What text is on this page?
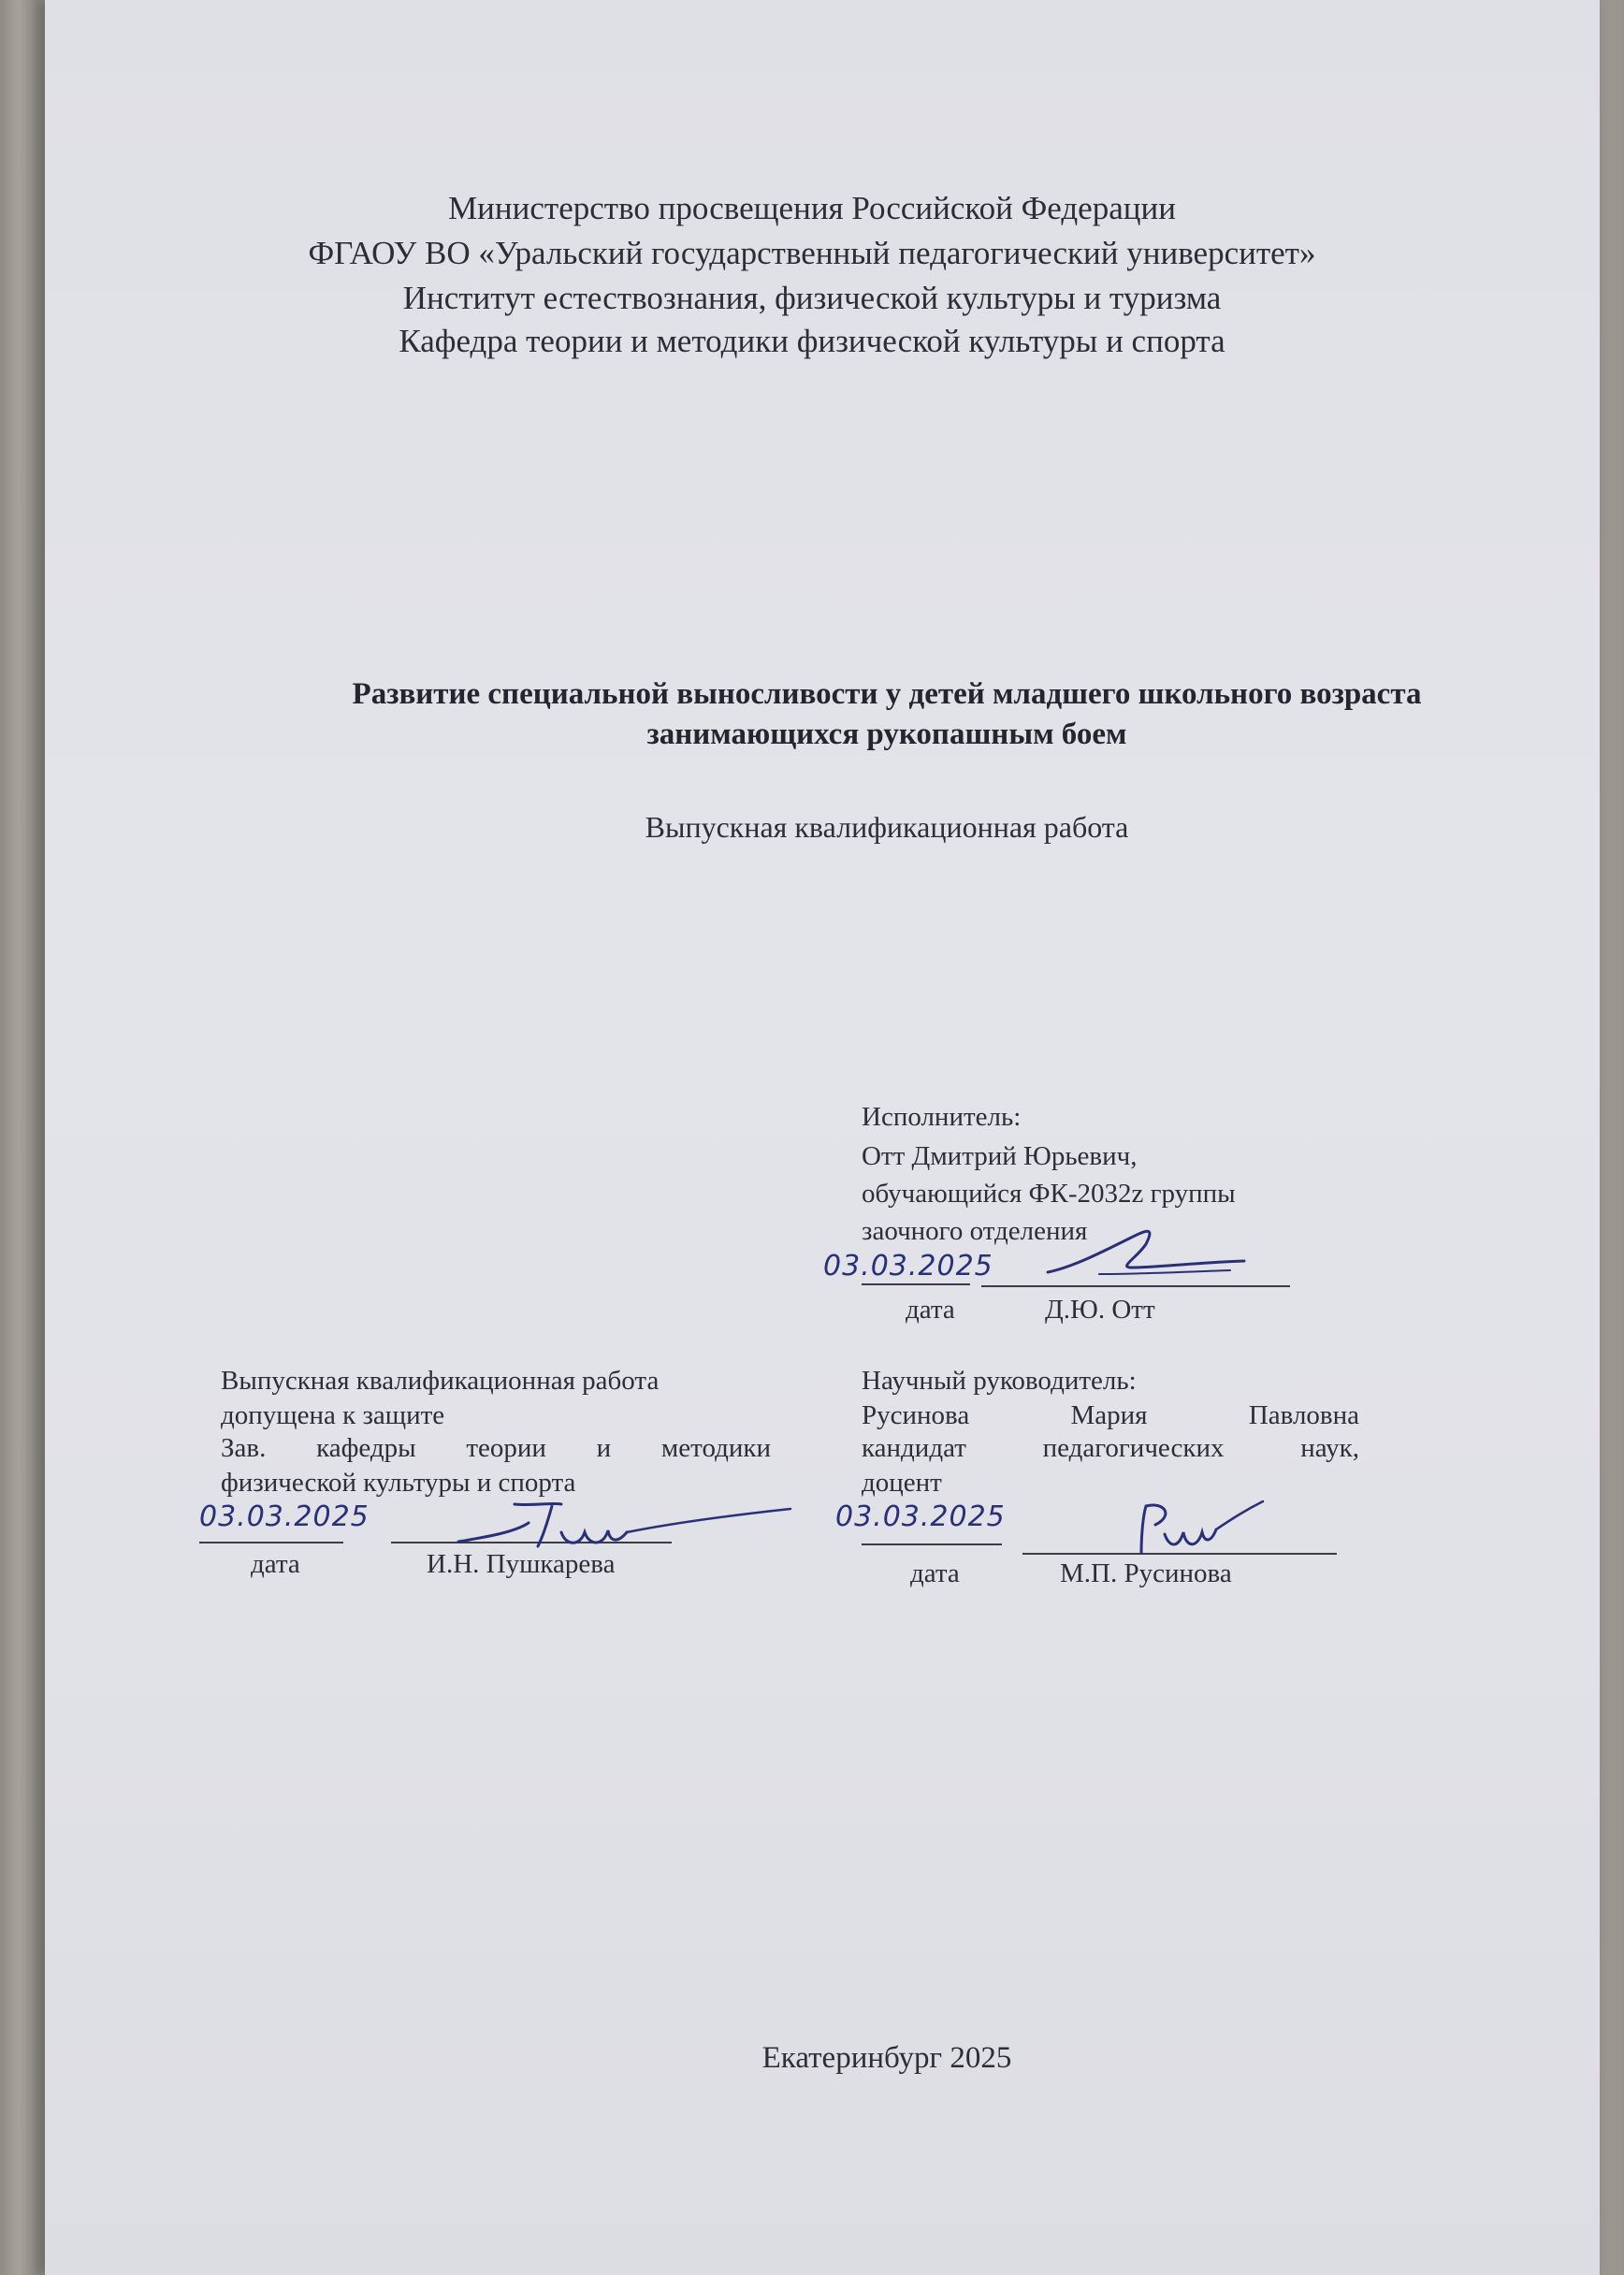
Министерство просвещения Российской Федерации
ФГАОУ ВО «Уральский государственный педагогический университет»
Институт естествознания, физической культуры и туризма
Кафедра теории и методики физической культуры и спорта
Развитие специальной выносливости у детей младшего школьного возраста
занимающихся рукопашным боем
Выпускная квалификационная работа
Исполнитель:
Отт Дмитрий Юрьевич,
обучающийся ФК-2032z группы
заочного отделения
03.03.2025
дата	Д.Ю. Отт
Выпускная квалификационная работа
допущена к защите
Зав. кафедры теории и методики
физической культуры и спорта
03.03.2025
дата	И.Н. Пушкарева
Научный руководитель:
Русинова Мария Павловна
кандидат педагогических наук,
доцент
03.03.2025
дата	М.П. Русинова
Екатеринбург 2025
